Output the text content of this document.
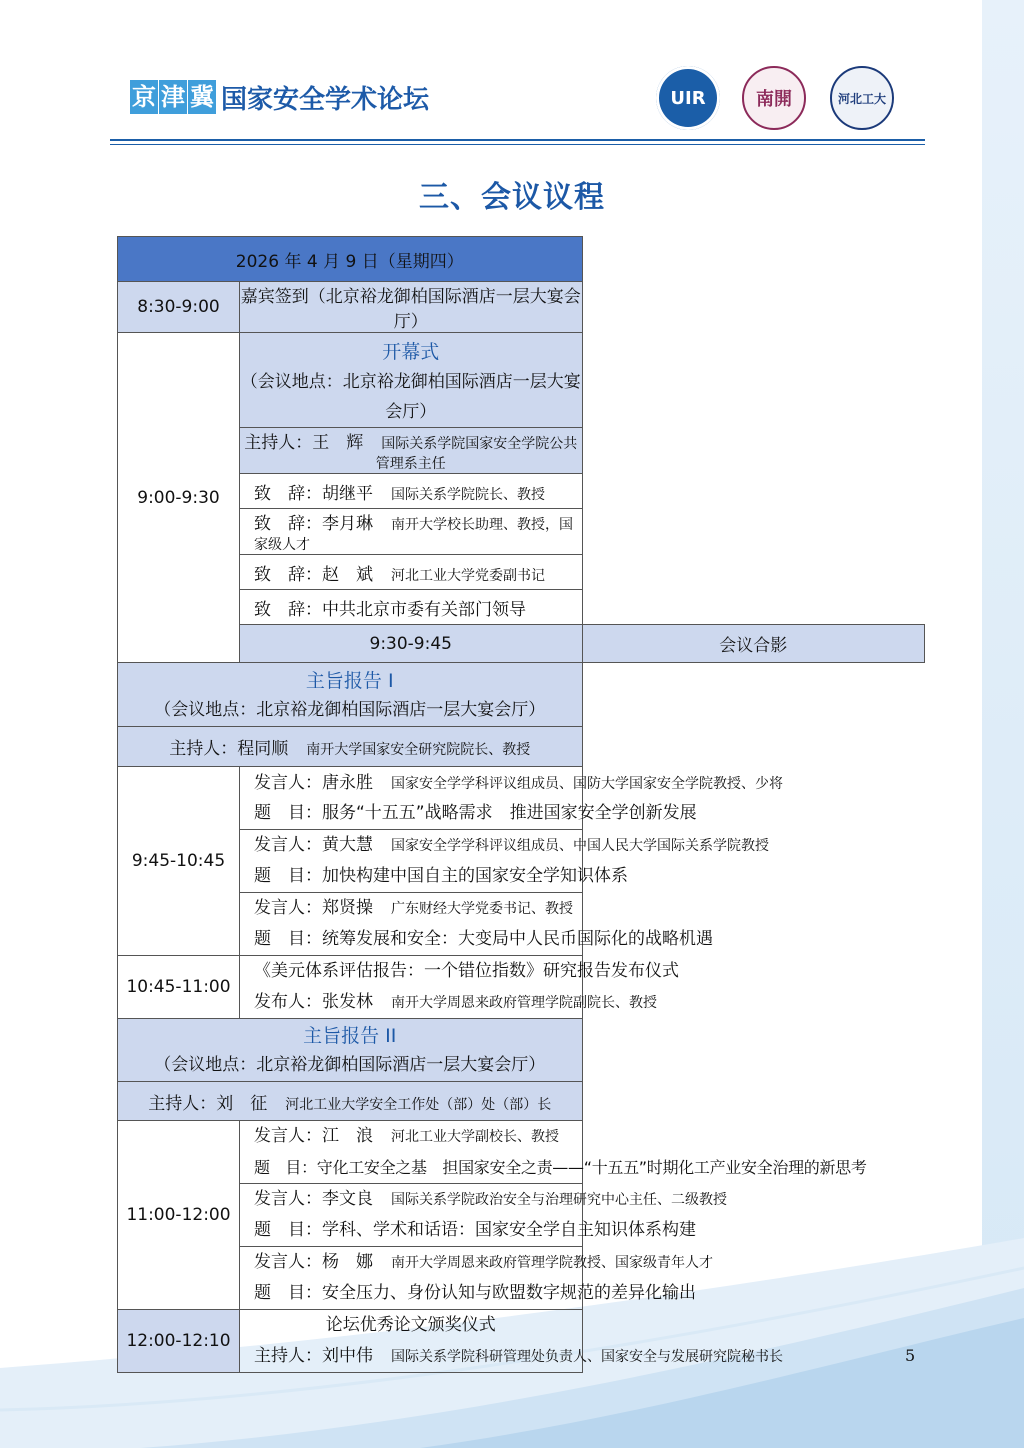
京 津 冀 国家安全学术论坛	UIR	南開	河北工大
三、会议议程
2026 年 4 月 9 日（星期四）		
8:30-9:00	嘉宾签到（北京裕龙御柏国际酒店一层大宴会厅）	
9:00-9:30	开幕式
（会议地点：北京裕龙御柏国际酒店一层大宴会厅）	

	主持人：王　辉 国际关系学院国家安全学院公共管理系主任	
	致　辞：胡继平 国际关系学院院长、教授	
	致　辞：李月琳 南开大学校长助理、教授，国家级人才	
	致　辞：赵　斌 河北工业大学党委副书记	
	致　辞：中共北京市委有关部门领导	
	9:30-9:45	会议合影

主旨报告 I
（会议地点：北京裕龙御柏国际酒店一层大宴会厅）		

主持人：程同顺 南开大学国家安全研究院院长、教授		
9:45-10:45	发言人：唐永胜 国家安全学学科评议组成员、国防大学国家安全学院教授、少将
题　目：服务“十五五”战略需求　推进国家安全学创新发展	

	发言人：黄大慧 国家安全学学科评议组成员、中国人民大学国际关系学院教授
题　目：加快构建中国自主的国家安全学知识体系	

	发言人：郑贤操 广东财经大学党委书记、教授
题　目：统筹发展和安全：大变局中人民币国际化的战略机遇	

10:45-11:00	《美元体系评估报告：一个错位指数》研究报告发布仪式
发布人：张发林 南开大学周恩来政府管理学院副院长、教授	

主旨报告 II
（会议地点：北京裕龙御柏国际酒店一层大宴会厅）		

主持人：刘　征 河北工业大学安全工作处（部）处（部）长		
11:00-12:00	发言人：江　浪 河北工业大学副校长、教授
题　目：守化工安全之基　担国家安全之责——“十五五”时期化工产业安全治理的新思考	

	发言人：李文良 国际关系学院政治安全与治理研究中心主任、二级教授
题　目：学科、学术和话语：国家安全学自主知识体系构建	

	发言人：杨　娜 南开大学周恩来政府管理学院教授、国家级青年人才
题　目：安全压力、身份认知与欧盟数字规范的差异化输出	

12:00-12:10	论坛优秀论文颁奖仪式
主持人：刘中伟 国际关系学院科研管理处负责人、国家安全与发展研究院秘书长		5
